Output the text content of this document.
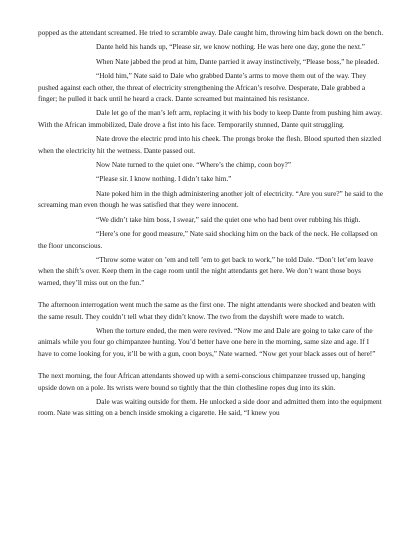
popped as the attendant screamed. He tried to scramble away. Dale caught him, throwing him back down on the bench.

Dante held his hands up, “Please sir, we know nothing. He was here one day, gone the next.”

When Nate jabbed the prod at him, Dante parried it away instinctively, “Please boss,” he pleaded.

“Hold him,” Nate said to Dale who grabbed Dante’s arms to move them out of the way. They pushed against each other, the threat of electricity strengthening the African’s resolve. Desperate, Dale grabbed a finger; he pulled it back until he heard a crack. Dante screamed but maintained his resistance.

Dale let go of the man’s left arm, replacing it with his body to keep Dante from pushing him away. With the African immobilized, Dale drove a fist into his face. Temporarily stunned, Dante quit struggling.

Nate drove the electric prod into his cheek. The prongs broke the flesh. Blood spurted then sizzled when the electricity hit the wetness. Dante passed out.

Now Nate turned to the quiet one. “Where’s the chimp, coon boy?”

“Please sir. I know nothing. I didn’t take him.”

Nate poked him in the thigh administering another jolt of electricity. “Are you sure?” he said to the screaming man even though he was satisfied that they were innocent.

“We didn’t take him boss, I swear,” said the quiet one who had bent over rubbing his thigh.

“Here’s one for good measure,” Nate said shocking him on the back of the neck. He collapsed on the floor unconscious.

“Throw some water on ’em and tell ’em to get back to work,” he told Dale. “Don’t let’em leave when the shift’s over. Keep them in the cage room until the night attendants get here. We don’t want those boys warned, they’ll miss out on the fun.”

The afternoon interrogation went much the same as the first one. The night attendants were shocked and beaten with the same result. They couldn’t tell what they didn’t know. The two from the dayshift were made to watch.

When the torture ended, the men were revived. “Now me and Dale are going to take care of the animals while you four go chimpanzee hunting. You’d better have one here in the morning, same size and age. If I have to come looking for you, it’ll be with a gun, coon boys,” Nate warned. “Now get your black asses out of here!”

The next morning, the four African attendants showed up with a semi-conscious chimpanzee trussed up, hanging upside down on a pole. Its wrists were bound so tightly that the thin clothesline ropes dug into its skin.

Dale was waiting outside for them. He unlocked a side door and admitted them into the equipment room. Nate was sitting on a bench inside smoking a cigarette. He said, “I knew you
